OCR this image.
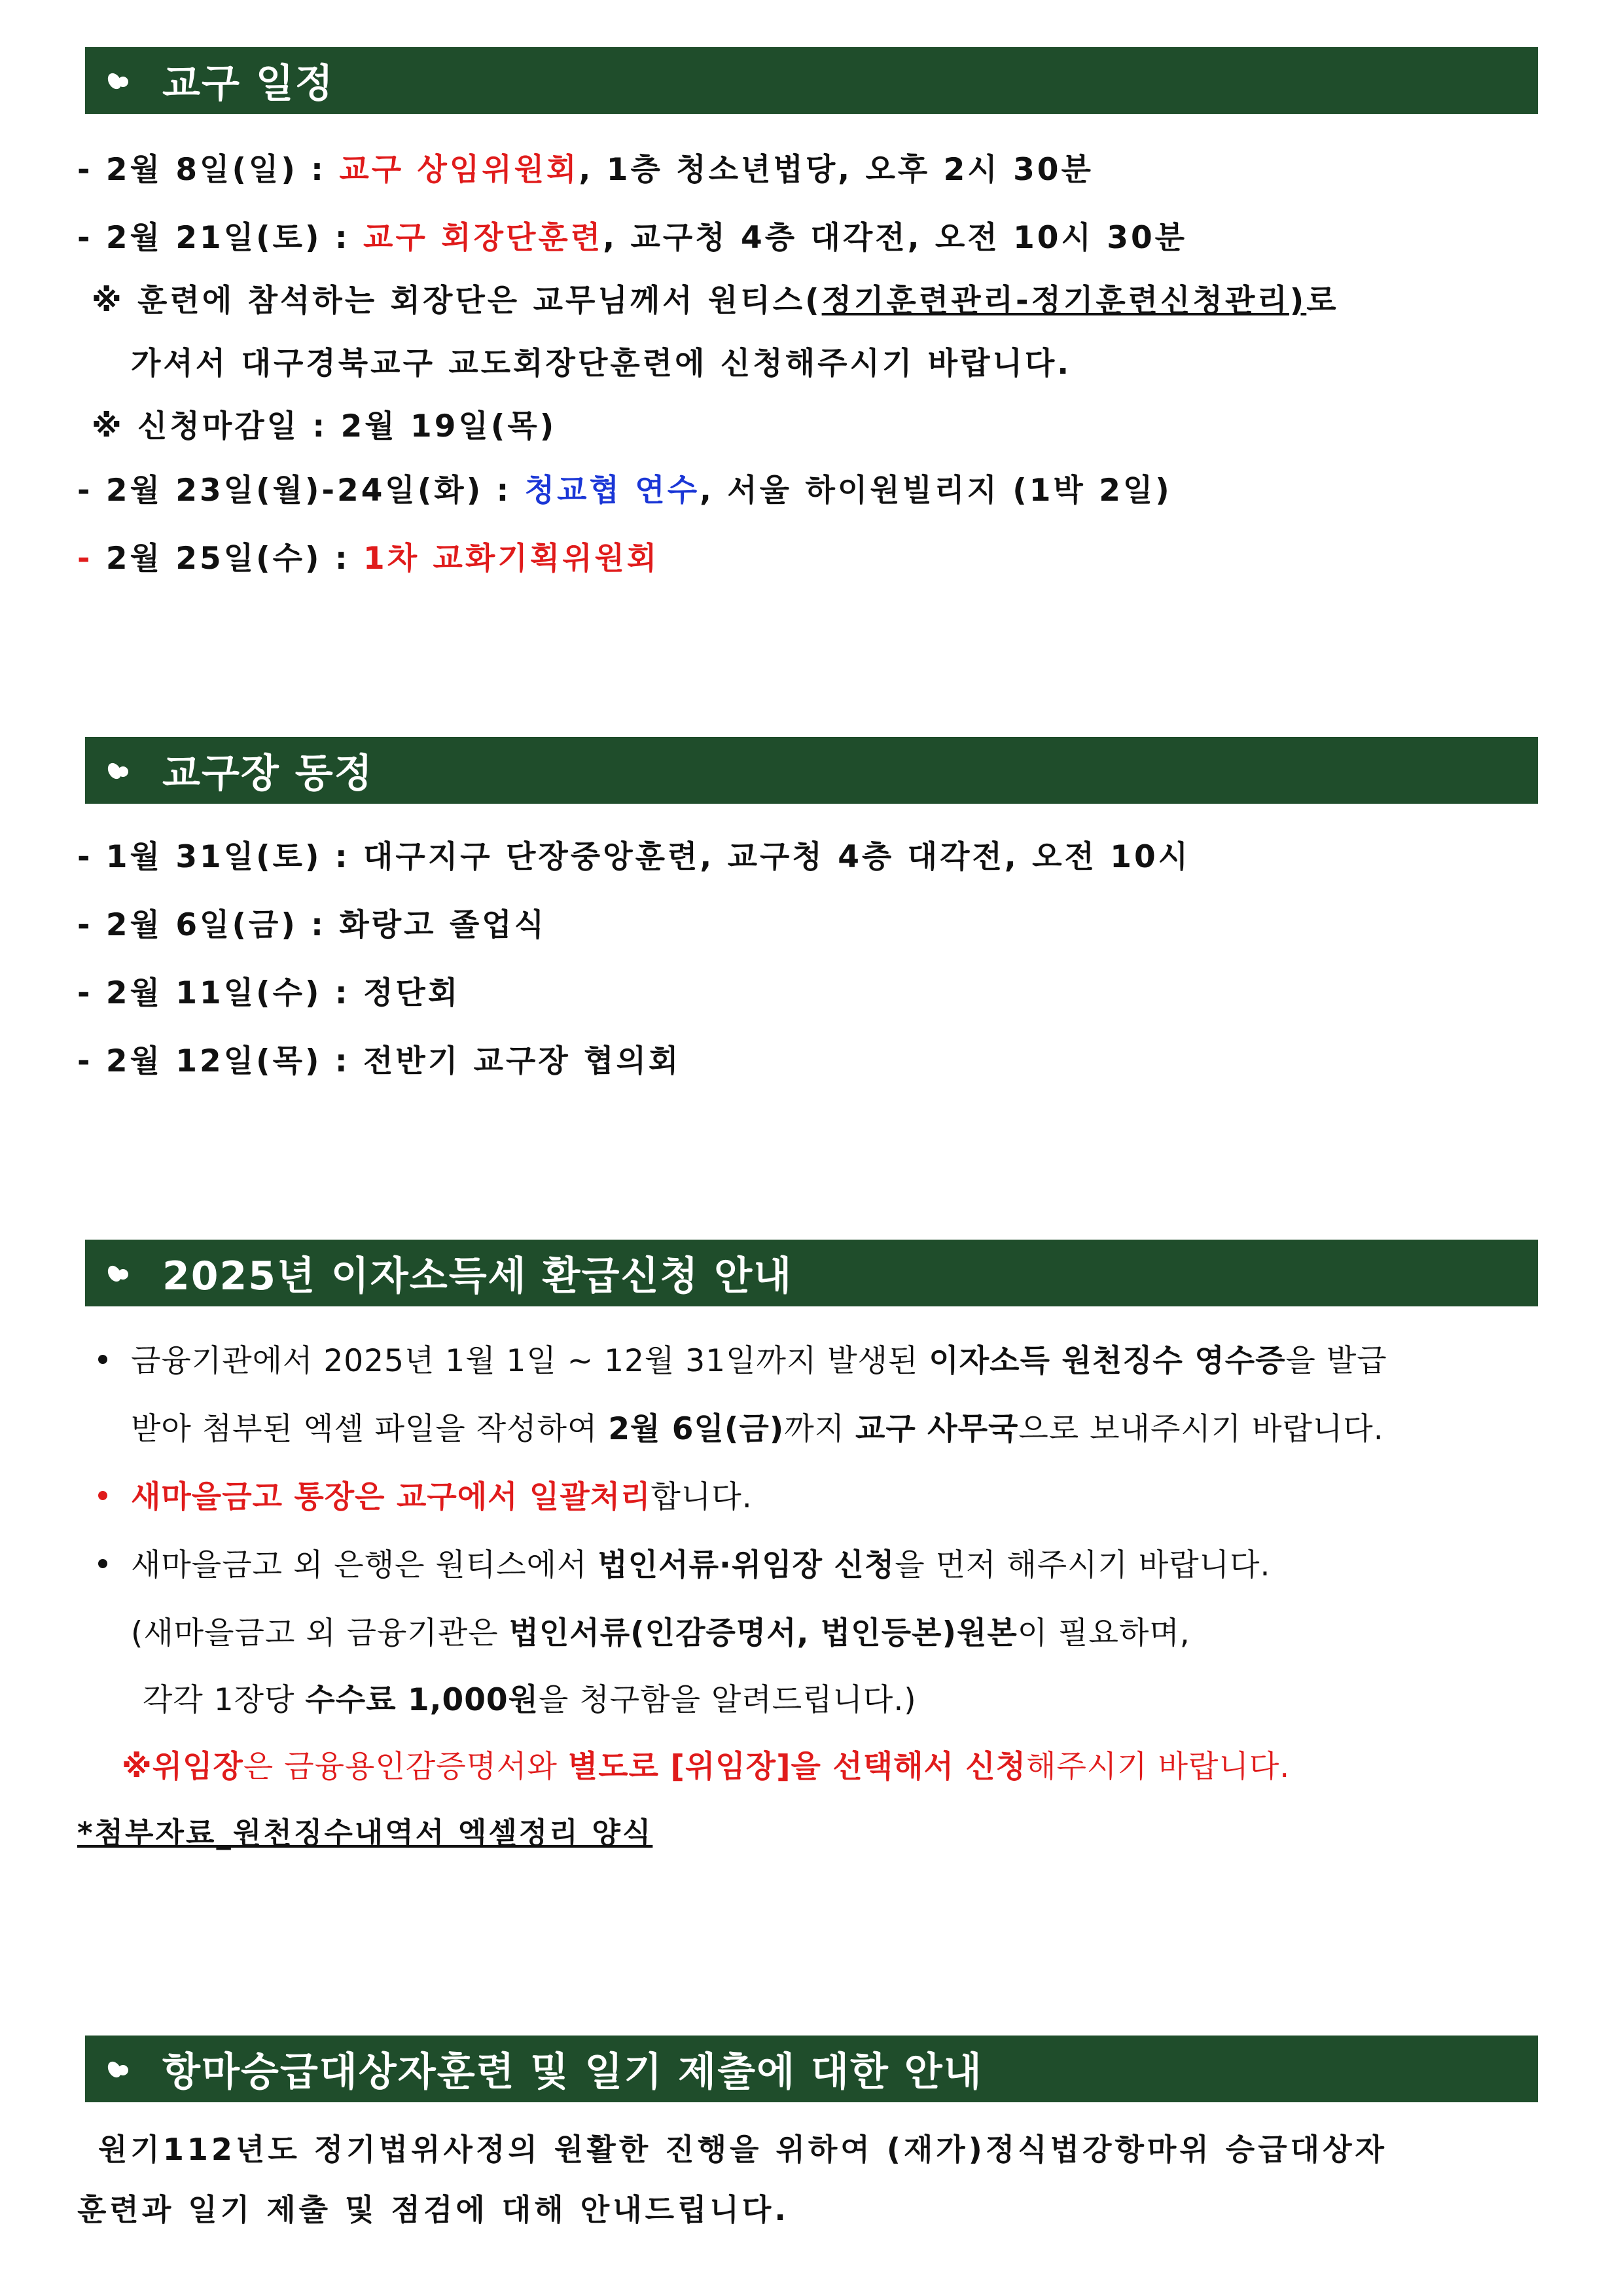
교구 일정
- 2월 8일(일) : 교구 상임위원회, 1층 청소년법당, 오후 2시 30분
- 2월 21일(토) : 교구 회장단훈련, 교구청 4층 대각전, 오전 10시 30분
※ 훈련에 참석하는 회장단은 교무님께서 원티스(정기훈련관리-정기훈련신청관리)로
가셔서 대구경북교구 교도회장단훈련에 신청해주시기 바랍니다.
※ 신청마감일 : 2월 19일(목)
- 2월 23일(월)-24일(화) : 청교협 연수, 서울 하이원빌리지 (1박 2일)
- 2월 25일(수) : 1차 교화기획위원회
교구장 동정
- 1월 31일(토) : 대구지구 단장중앙훈련, 교구청 4층 대각전, 오전 10시
- 2월 6일(금) : 화랑고 졸업식
- 2월 11일(수) : 정단회
- 2월 12일(목) : 전반기 교구장 협의회
2025년 이자소득세 환급신청 안내
금융기관에서 2025년 1월 1일 ~ 12월 31일까지 발생된 이자소득 원천징수 영수증을 발급
받아 첨부된 엑셀 파일을 작성하여 2월 6일(금)까지 교구 사무국으로 보내주시기 바랍니다.
새마을금고 통장은 교구에서 일괄처리합니다.
새마을금고 외 은행은 원티스에서 법인서류·위임장 신청을 먼저 해주시기 바랍니다.
(새마을금고 외 금융기관은 법인서류(인감증명서, 법인등본)원본이 필요하며,
각각 1장당 수수료 1,000원을 청구함을 알려드립니다.)
※위임장은 금융용인감증명서와 별도로 [위임장]을 선택해서 신청해주시기 바랍니다.
*첨부자료_원천징수내역서 엑셀정리 양식
항마승급대상자훈련 및 일기 제출에 대한 안내
원기112년도 정기법위사정의 원활한 진행을 위하여 (재가)정식법강항마위 승급대상자
훈련과 일기 제출 및 점검에 대해 안내드립니다.
